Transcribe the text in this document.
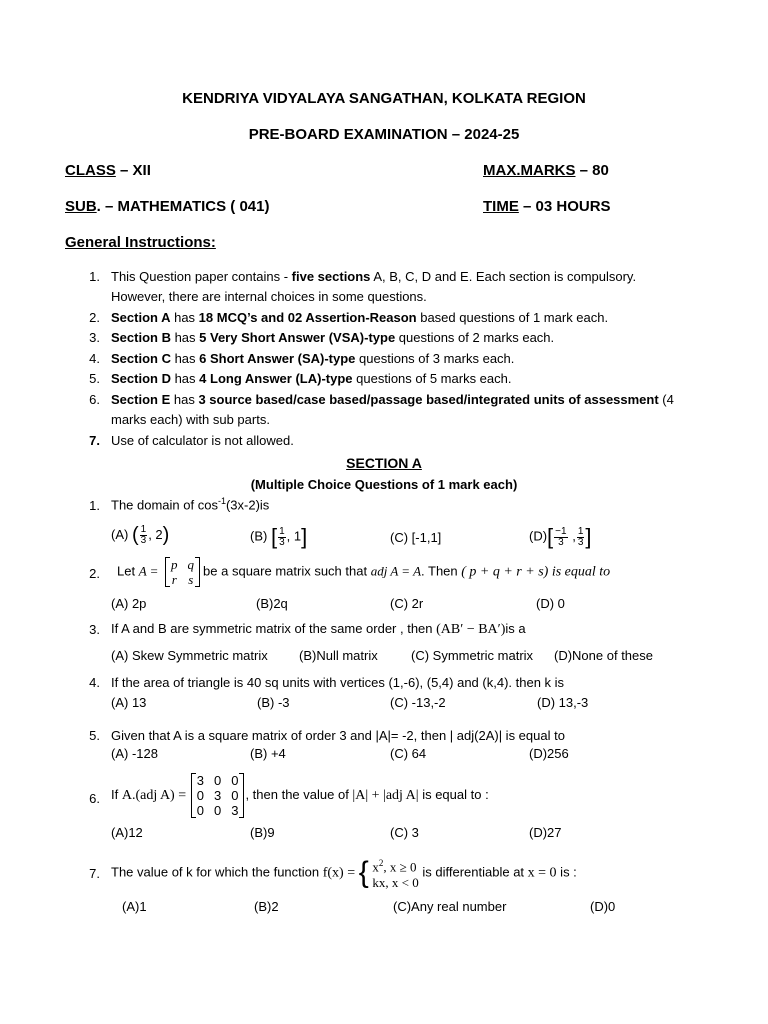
KENDRIYA VIDYALAYA SANGATHAN, KOLKATA REGION
PRE-BOARD EXAMINATION – 2024-25
CLASS – XII	MAX.MARKS – 80
SUB. – MATHEMATICS ( 041)	TIME – 03 HOURS
General Instructions:
1. This Question paper contains - five sections A, B, C, D and E. Each section is compulsory.
However, there are internal choices in some questions.
2. Section A has 18 MCQ’s and 02 Assertion-Reason based questions of 1 mark each.
3. Section B has 5 Very Short Answer (VSA)-type questions of 2 marks each.
4. Section C has 6 Short Answer (SA)-type questions of 3 marks each.
5. Section D has 4 Long Answer (LA)-type questions of 5 marks each.
6. Section E has 3 source based/case based/passage based/integrated units of assessment (4
marks each) with sub parts.
7. Use of calculator is not allowed.
SECTION A
(Multiple Choice Questions of 1 mark each)
1. The domain of $\cos^{-1}(3x-2)is$
(A) ( $\frac{1}{3}$ , 2)	(B) [ $\frac{1}{3}$ , 1]	(C) [-1,1]	$(D)[ \frac{-1}{3}$ , $\frac{1}{3}$ ]
2. Let A = p	q
r	s
be a square matrix such that adj A = A. Then ( p + q + r + s) is equal to
(A) 2p	(B)2q	(C) 2r	(D) 0
3. If A and B are symmetric matrix of the same order , then (AB′ − BA′)is a
(A) Skew Symmetric matrix (B)Null matrix	(C) Symmetric matrix (D)None of these
4. If the area of triangle is 40 sq units with vertices (1,-6), (5,4) and (k,4). then k is
(A) 13	(B) -3	(C) -13,-2	(D) 13,-3
5. Given that A is a square matrix of order 3 and |A|= -2, then | adj(2A)| is equal to
(A) -128	(B) +4	(C) 64	(D)256
6. If A.(adj A) =
3	0	0
0	3	0
0	0	3
, then the value of |A| + |adj A| is equal to :
(A)12	(B)9	(C) 3	(D)27
7. The value of k for which the function f(x) = { $x^2$, x ≥ 0
kx, x < 0 is differentiable at x = 0 is :
(A)1	(B)2	(C)Any real number	(D)0
